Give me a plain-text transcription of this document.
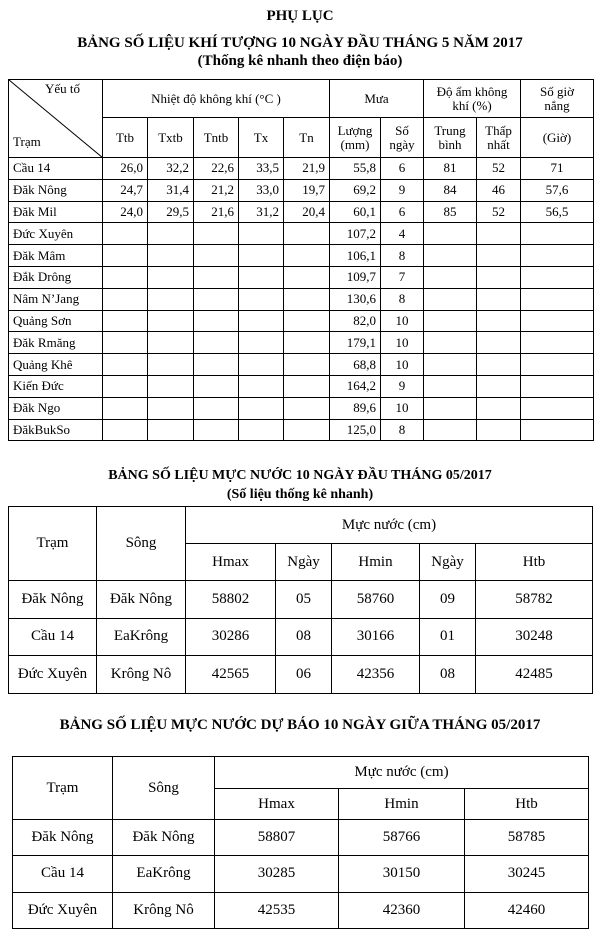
PHỤ LỤC
BẢNG SỐ LIỆU KHÍ TƯỢNG 10 NGÀY ĐẦU THÁNG 5 NĂM 2017
(Thống kê nhanh theo điện báo)
Yếu tố
Trạm	Nhiệt độ không khí (°C )					Mưa		Độ ẩm không khí (%)		Số giờ nắng
	Ttb	Txtb	Tntb	Tx	Tn	Lượng (mm)	Số ngày	Trung bình	Thấp nhất	(Giờ)
Cầu 14	26,0	32,2	22,6	33,5	21,9	55,8	6	81	52	71
Đăk Nông	24,7	31,4	21,2	33,0	19,7	69,2	9	84	46	57,6
Đăk Mil	24,0	29,5	21,6	31,2	20,4	60,1	6	85	52	56,5
Đức Xuyên						107,2	4			
Đăk Mâm						106,1	8			
Đắk Drông						109,7	7			
Nâm N’Jang						130,6	8			
Quảng Sơn						82,0	10			
Đăk Rmăng						179,1	10			
Quảng Khê						68,8	10			
Kiến Đức						164,2	9			
Đăk Ngo						89,6	10			
ĐăkBukSo						125,0	8			
BẢNG SỐ LIỆU MỰC NƯỚC 10 NGÀY ĐẦU THÁNG 05/2017
(Số liệu thống kê nhanh)
Trạm	Sông	Mực nước (cm)				
		Hmax	Ngày	Hmin	Ngày	Htb
Đăk Nông	Đăk Nông	58802	05	58760	09	58782
Cầu 14	EaKrông	30286	08	30166	01	30248
Đức Xuyên	Krông Nô	42565	06	42356	08	42485
BẢNG SỐ LIỆU MỰC NƯỚC DỰ BÁO 10 NGÀY GIỮA THÁNG 05/2017
Trạm	Sông	Mực nước (cm)		
		Hmax	Hmin	Htb
Đăk Nông	Đăk Nông	58807	58766	58785
Cầu 14	EaKrông	30285	30150	30245
Đức Xuyên	Krông Nô	42535	42360	42460
